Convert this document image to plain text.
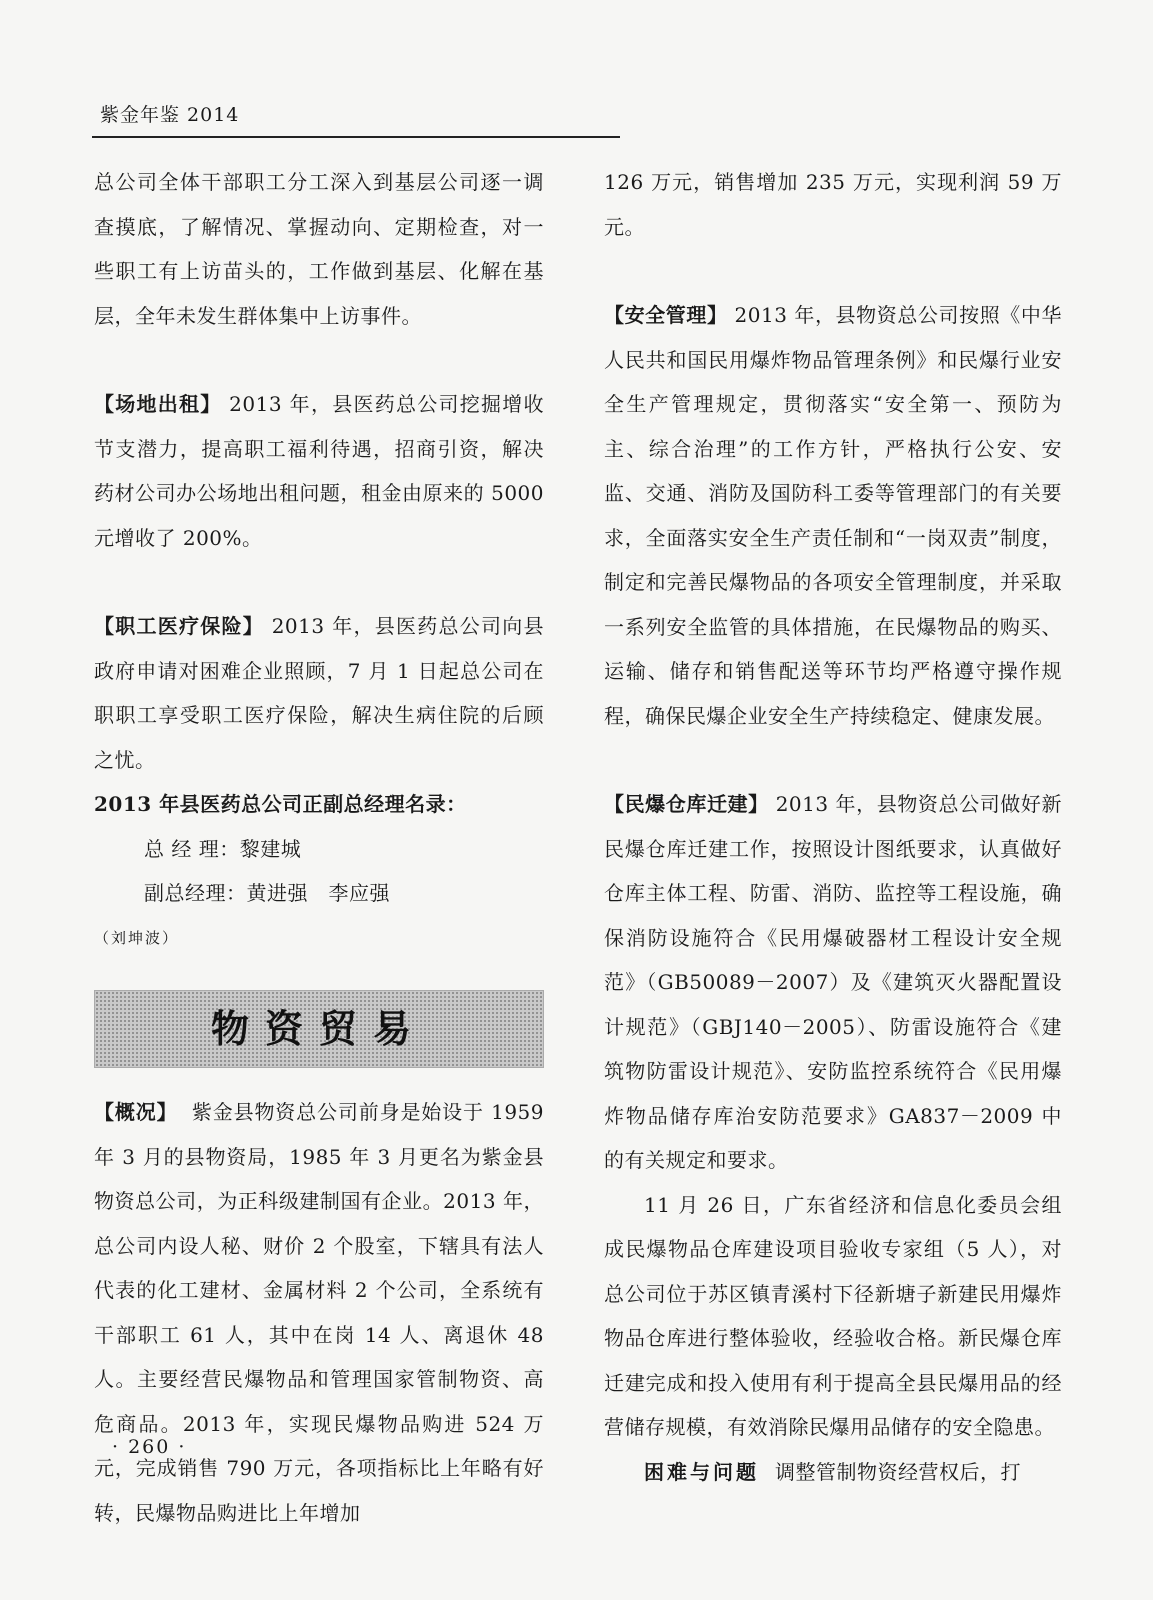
紫金年鉴 2014

总公司全体干部职工分工深入到基层公司逐一调查摸底，了解情况、掌握动向、定期检查，对一些职工有上访苗头的，工作做到基层、化解在基层，全年未发生群体集中上访事件。

【场地出租】 2013 年，县医药总公司挖掘增收节支潜力，提高职工福利待遇，招商引资，解决药材公司办公场地出租问题，租金由原来的 5000 元增收了 200%。

【职工医疗保险】 2013 年，县医药总公司向县政府申请对困难企业照顾，7 月 1 日起总公司在职职工享受职工医疗保险，解决生病住院的后顾之忧。

2013 年县医药总公司正副总经理名录：

总 经 理：黎建城

副总经理：黄进强　李应强

（刘坤波）

物资贸易

【概况】 紫金县物资总公司前身是始设于 1959 年 3 月的县物资局，1985 年 3 月更名为紫金县物资总公司，为正科级建制国有企业。2013 年，总公司内设人秘、财价 2 个股室，下辖具有法人代表的化工建材、金属材料 2 个公司，全系统有干部职工 61 人，其中在岗 14 人、离退休 48 人。主要经营民爆物品和管理国家管制物资、高危商品。2013 年，实现民爆物品购进 524 万元，完成销售 790 万元，各项指标比上年略有好转，民爆物品购进比上年增加

126 万元，销售增加 235 万元，实现利润 59 万元。

【安全管理】 2013 年，县物资总公司按照《中华人民共和国民用爆炸物品管理条例》和民爆行业安全生产管理规定，贯彻落实“安全第一、预防为主、综合治理”的工作方针，严格执行公安、安监、交通、消防及国防科工委等管理部门的有关要求，全面落实安全生产责任制和“一岗双责”制度，制定和完善民爆物品的各项安全管理制度，并采取一系列安全监管的具体措施，在民爆物品的购买、运输、储存和销售配送等环节均严格遵守操作规程，确保民爆企业安全生产持续稳定、健康发展。

【民爆仓库迁建】 2013 年，县物资总公司做好新民爆仓库迁建工作，按照设计图纸要求，认真做好仓库主体工程、防雷、消防、监控等工程设施，确保消防设施符合《民用爆破器材工程设计安全规范》（GB50089－2007）及《建筑灭火器配置设计规范》（GBJ140－2005）、防雷设施符合《建筑物防雷设计规范》、安防监控系统符合《民用爆炸物品储存库治安防范要求》GA837－2009 中的有关规定和要求。

11 月 26 日，广东省经济和信息化委员会组成民爆物品仓库建设项目验收专家组（5 人），对总公司位于苏区镇青溪村下径新塘子新建民用爆炸物品仓库进行整体验收，经验收合格。新民爆仓库迁建完成和投入使用有利于提高全县民爆用品的经营储存规模，有效消除民爆用品储存的安全隐患。

困难与问题 调整管制物资经营权后，打

· 260 ·
